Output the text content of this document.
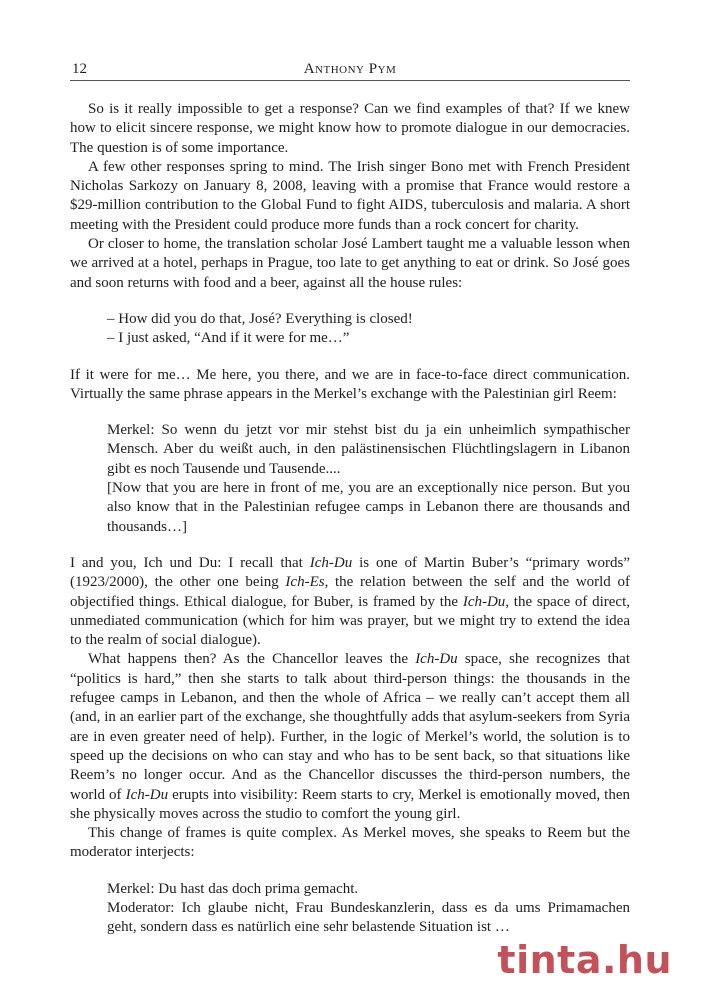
12	Anthony Pym

So is it really impossible to get a response? Can we find examples of that? If we knew how to elicit sincere response, we might know how to promote dialogue in our democracies. The question is of some importance.

A few other responses spring to mind. The Irish singer Bono met with French President Nicholas Sarkozy on January 8, 2008, leaving with a promise that France would restore a $29-million contribution to the Global Fund to fight AIDS, tuberculosis and malaria. A short meeting with the President could produce more funds than a rock concert for charity.

Or closer to home, the translation scholar José Lambert taught me a valuable lesson when we arrived at a hotel, perhaps in Prague, too late to get anything to eat or drink. So José goes and soon returns with food and a beer, against all the house rules:

– How did you do that, José? Everything is closed!
– I just asked, “And if it were for me…”

If it were for me… Me here, you there, and we are in face-to-face direct communication. Virtually the same phrase appears in the Merkel’s exchange with the Palestinian girl Reem:

Merkel: So wenn du jetzt vor mir stehst bist du ja ein unheimlich sympathischer Mensch. Aber du weißt auch, in den palästinensischen Flüchtlingslagern in Libanon gibt es noch Tausende und Tausende....

[Now that you are here in front of me, you are an exceptionally nice person. But you also know that in the Palestinian refugee camps in Lebanon there are thousands and thousands…]

I and you, Ich und Du: I recall that Ich-Du is one of Martin Buber’s “primary words” (1923/2000), the other one being Ich-Es, the relation between the self and the world of objectified things. Ethical dialogue, for Buber, is framed by the Ich-Du, the space of direct, unmediated communication (which for him was prayer, but we might try to extend the idea to the realm of social dialogue).

What happens then? As the Chancellor leaves the Ich-Du space, she recognizes that “politics is hard,” then she starts to talk about third-person things: the thousands in the refugee camps in Lebanon, and then the whole of Africa – we really can’t accept them all (and, in an earlier part of the exchange, she thoughtfully adds that asylum-seekers from Syria are in even greater need of help). Further, in the logic of Merkel’s world, the solution is to speed up the decisions on who can stay and who has to be sent back, so that situations like Reem’s no longer occur. And as the Chancellor discusses the third-person numbers, the world of Ich-Du erupts into visibility: Reem starts to cry, Merkel is emotionally moved, then she physically moves across the studio to comfort the young girl.

This change of frames is quite complex. As Merkel moves, she speaks to Reem but the moderator interjects:

Merkel: Du hast das doch prima gemacht.

Moderator: Ich glaube nicht, Frau Bundeskanzlerin, dass es da ums Primamachen geht, sondern dass es natürlich eine sehr belastende Situation ist …

tinta.hu
